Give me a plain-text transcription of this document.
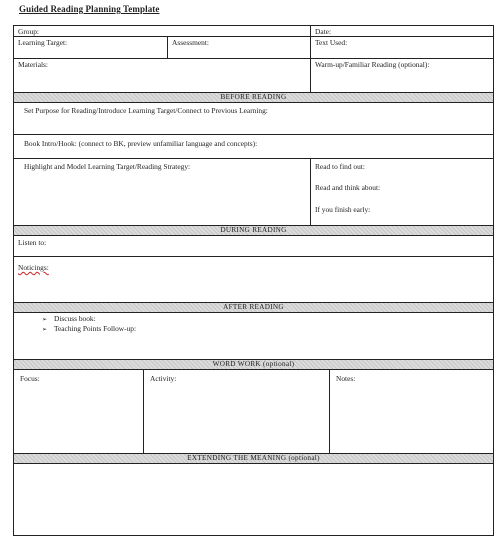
Guided Reading Planning Template
Group:	Date:
Learning Target:	Assessment:	Text Used:
Materials:	Warm-up/Familiar Reading (optional):
BEFORE READING
Set Purpose for Reading/Introduce Learning Target/Connect to Previous Learning:
Book Intro/Hook: (connect to BK, preview unfamiliar language and concepts):
Highlight and Model Learning Target/Reading Strategy:	Read to find out:
Read and think about:
If you finish early:
DURING READING
Listen to:
Noticings:
AFTER READING
➢ Discuss book:
➢ Teaching Points Follow-up:
WORD WORK (optional)
Focus:	Activity:	Notes:
EXTENDING THE MEANING (optional)
